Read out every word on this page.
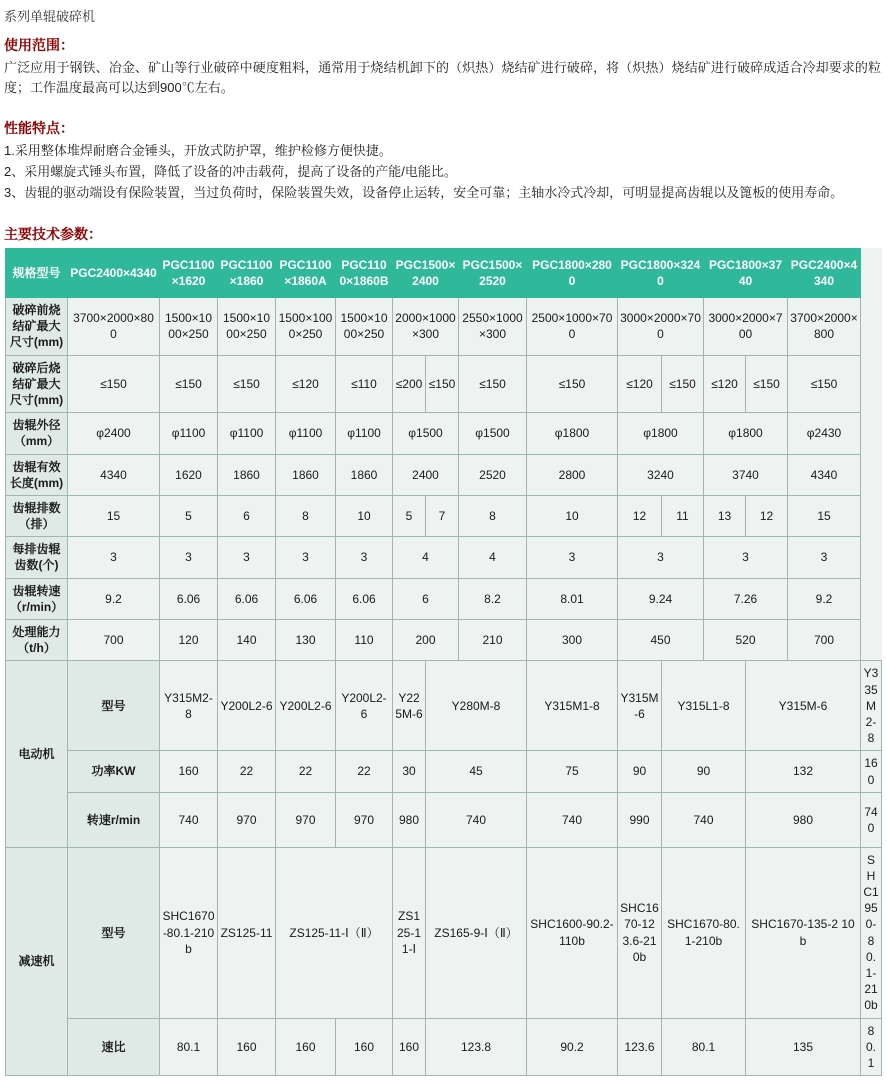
系列单辊破碎机
使用范围：
广泛应用于钢铁、冶金、矿山等行业破碎中硬度粗料，通常用于烧结机卸下的（炽热）烧结矿进行破碎，将（炽热）烧结矿进行破碎成适合冷却要求的粒度；工作温度最高可以达到900℃左右。
性能特点：
1.采用整体堆焊耐磨合金锤头，开放式防护罩，维护检修方便快捷。
2、采用螺旋式锤头布置，降低了设备的冲击载荷，提高了设备的产能/电能比。
3、齿辊的驱动端设有保险装置，当过负荷时，保险装置失效，设备停止运转，安全可靠；主轴水冷式冷却，可明显提高齿辊以及篦板的使用寿命。
主要技术参数：
规格型号	PGC2400×4340	PGC1100×1620	PGC1100×1860	PGC1100×1860A	PGC1100×1860B	PGC1500×2400		PGC1500×2520	PGC1800×2800	PGC1800×3240		PGC1800×3740		PGC2400×4340	
破碎前烧结矿最大尺寸(mm)	3700×2000×800	1500×1000×250	1500×1000×250	1500×1000×250	1500×1000×250	2000×1000×300		2550×1000×300	2500×1000×700	3000×2000×700		3000×2000×700		3700×2000×800	
破碎后烧结矿最大尺寸(mm)	≤150	≤150	≤150	≤120	≤110	≤200	≤150	≤150	≤150	≤120	≤150	≤120	≤150	≤150	
齿辊外径（mm）	φ2400	φ1100	φ1100	φ1100	φ1100	φ1500		φ1500	φ1800	φ1800		φ1800		φ2430	
齿辊有效长度(mm)	4340	1620	1860	1860	1860	2400		2520	2800	3240		3740		4340	
齿辊排数（排）	15	5	6	8	10	5	7	8	10	12	11	13	12	15	
每排齿辊齿数(个)	3	3	3	3	3	4		4	3	3		3		3	
齿辊转速（r/min）	9.2	6.06	6.06	6.06	6.06	6		8.2	8.01	9.24		7.26		9.2	
处理能力（t/h）	700	120	140	130	110	200		210	300	450		520		700	
电动机	型号	Y315M2-8	Y200L2-6	Y200L2-6	Y200L2-6	Y225M-6	Y280M-8		Y315M1-8	Y315M-6	Y315L1-8		Y315M-6		Y335M2-8
	功率KW	160	22	22	22	30	45		75	90	90		132		160
	转速r/min	740	970	970	970	980	740		740	990	740		980		740
减速机	型号	SHC1670-80.1-210b	ZS125-11	ZS125-11-Ⅰ（Ⅱ）		ZS125-1 1-Ⅰ	ZS165-9-Ⅰ（Ⅱ）		SHC1600-90.2-110b	SHC1670-123.6-210b	SHC1670-80.1-210b		SHC1670-135-2 10b		SHC1950-80.1-210b
	速比	80.1	160	160	160	160	123.8		90.2	123.6	80.1		135		80.1
